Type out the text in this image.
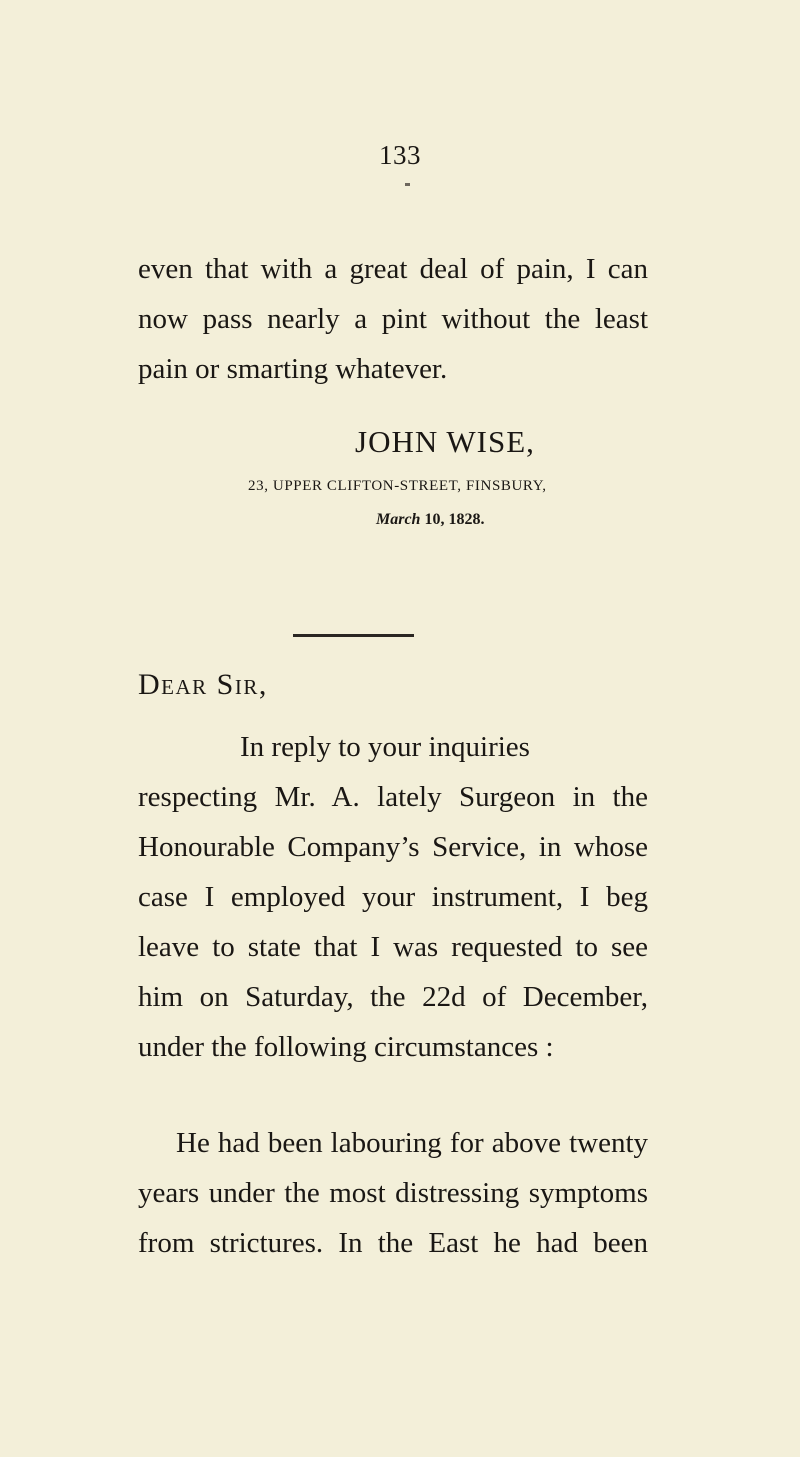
133
even that with a great deal of pain, I can
now pass nearly a pint without the least
pain or smarting whatever.
JOHN WISE,
23, UPPER CLIFTON-STREET, FINSBURY,
March 10, 1828.
Dear Sir,
In reply to your inquiries
respecting Mr. A. lately Surgeon in the
Honourable Company’s Service, in whose
case I employed your instrument, I beg
leave to state that I was requested to see
him on Saturday, the 22d of December,
under the following circumstances :
He had been labouring for above twenty
years under the most distressing symptoms
from strictures. In the East he had been
